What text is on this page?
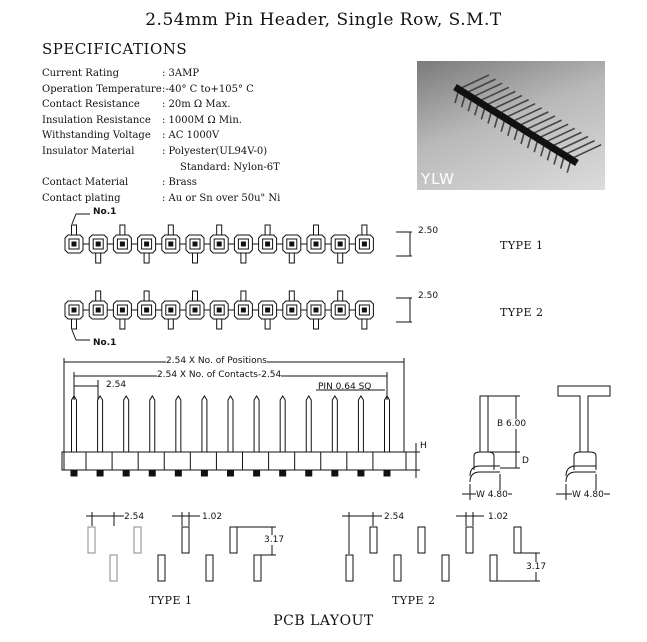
2.54mm Pin Header, Single Row, S.M.T
SPECIFICATIONS
Current Rating	: 3AMP
Operation Temperature :-40° C to+105° C
Contact Resistance	: 20m Ω Max.
Insulation Resistance	: 1000M Ω Min.
Withstanding Voltage	: AC 1000V
Insulator Material	: Polyester(UL94V-0)
Standard: Nylon-6T
Contact Material	: Brass
Contact plating	: Au or Sn over 50u" Ni
YLW
No.1
2.50
TYPE 1
2.50
TYPE 2
No.1
2.54 X No. of Positions
2.54 X No. of Contacts-2.54
2.54	PIN 0.64 SQ
H
B 6.00
D
W 4.80	W 4.80
2.54	1.02
3.17
2.54	1.02
3.17
TYPE 1	TYPE 2
PCB LAYOUT
